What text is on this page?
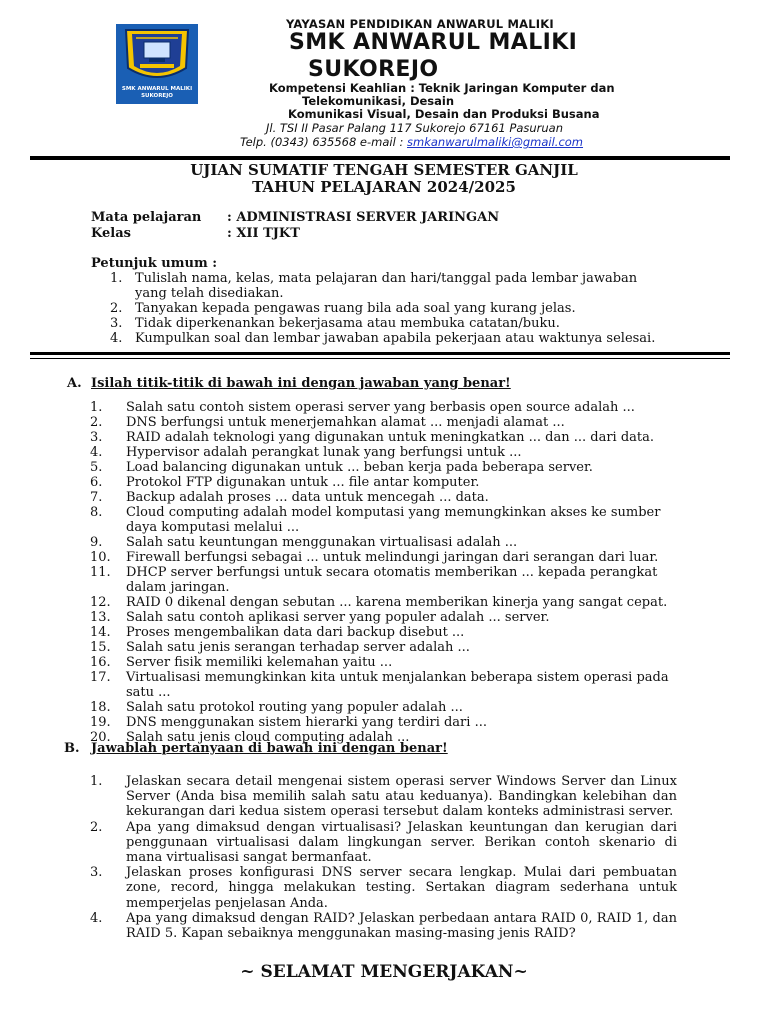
SMK ANWARUL MALIKI SUKOREJO
YAYASAN PENDIDIKAN ANWARUL MALIKI
SMK ANWARUL MALIKI
SUKOREJO
Kompetensi Keahlian : Teknik Jaringan Komputer dan
Telekomunikasi, Desain
Komunikasi Visual, Desain dan Produksi Busana
Jl. TSI II Pasar Palang 117 Sukorejo 67161 Pasuruan
Telp. (0343) 635568 e-mail : smkanwarulmaliki@gmail.com
UJIAN SUMATIF TENGAH SEMESTER GANJIL
TAHUN PELAJARAN 2024/2025
Mata pelajaran	: ADMINISTRASI SERVER JARINGAN
Kelas	: XII TJKT
Petunjuk umum :
1. Tulislah nama, kelas, mata pelajaran dan hari/tanggal pada lembar jawaban yang telah disediakan.
2. Tanyakan kepada pengawas ruang bila ada soal yang kurang jelas.
3. Tidak diperkenankan bekerjasama atau membuka catatan/buku.
4. Kumpulkan soal dan lembar jawaban apabila pekerjaan atau waktunya selesai.
A. Isilah titik-titik di bawah ini dengan jawaban yang benar!
1.	Salah satu contoh sistem operasi server yang berbasis open source adalah ...
2.	DNS berfungsi untuk menerjemahkan alamat ... menjadi alamat ...
3.	RAID adalah teknologi yang digunakan untuk meningkatkan ... dan ... dari data.
4.	Hypervisor adalah perangkat lunak yang berfungsi untuk ...
5.	Load balancing digunakan untuk ... beban kerja pada beberapa server.
6.	Protokol FTP digunakan untuk ... file antar komputer.
7.	Backup adalah proses ... data untuk mencegah ... data.
8.	Cloud computing adalah model komputasi yang memungkinkan akses ke sumber daya komputasi melalui ...
9.	Salah satu keuntungan menggunakan virtualisasi adalah ...
10.	Firewall berfungsi sebagai ... untuk melindungi jaringan dari serangan dari luar.
11.	DHCP server berfungsi untuk secara otomatis memberikan ... kepada perangkat dalam jaringan.
12.	RAID 0 dikenal dengan sebutan ... karena memberikan kinerja yang sangat cepat.
13.	Salah satu contoh aplikasi server yang populer adalah ... server.
14.	Proses mengembalikan data dari backup disebut ...
15.	Salah satu jenis serangan terhadap server adalah ...
16.	Server fisik memiliki kelemahan yaitu ...
17.	Virtualisasi memungkinkan kita untuk menjalankan beberapa sistem operasi pada satu ...
18.	Salah satu protokol routing yang populer adalah ...
19.	DNS menggunakan sistem hierarki yang terdiri dari ...
20.	Salah satu jenis cloud computing adalah ...
B. Jawablah pertanyaan di bawah ini dengan benar!
1.	Jelaskan secara detail mengenai sistem operasi server Windows Server dan Linux Server (Anda bisa memilih salah satu atau keduanya). Bandingkan kelebihan dan kekurangan dari kedua sistem operasi tersebut dalam konteks administrasi server.
2.	Apa yang dimaksud dengan virtualisasi? Jelaskan keuntungan dan kerugian dari penggunaan virtualisasi dalam lingkungan server. Berikan contoh skenario di mana virtualisasi sangat bermanfaat.
3.	Jelaskan proses konfigurasi DNS server secara lengkap. Mulai dari pembuatan zone, record, hingga melakukan testing. Sertakan diagram sederhana untuk memperjelas penjelasan Anda.
4.	Apa yang dimaksud dengan RAID? Jelaskan perbedaan antara RAID 0, RAID 1, dan RAID 5. Kapan sebaiknya menggunakan masing-masing jenis RAID?
~ SELAMAT MENGERJAKAN~
